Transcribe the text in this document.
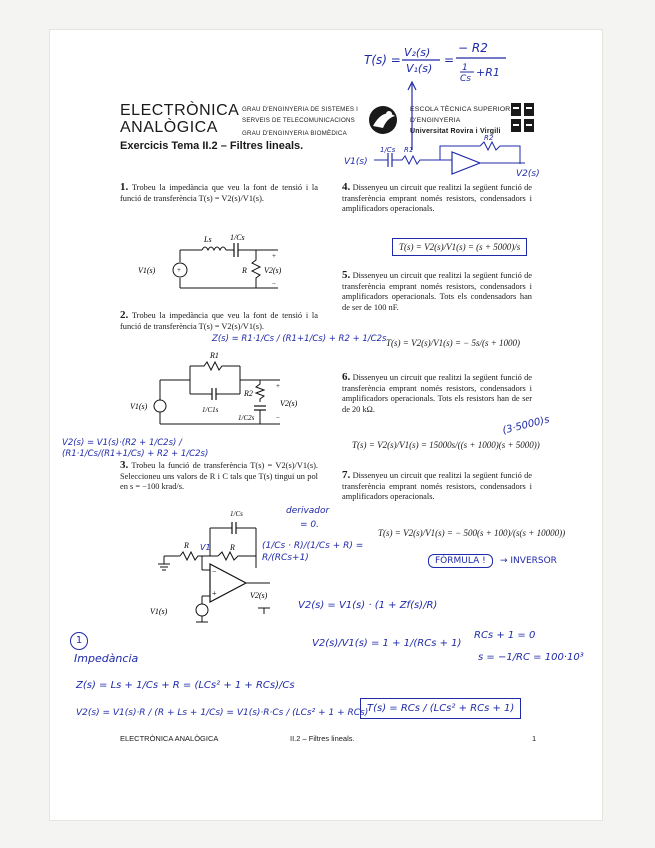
ELECTRÒNICA
ANALÒGICA
GRAU D'ENGINYERIA DE SISTEMES I
SERVEIS DE TELECOMUNICACIONS
GRAU D'ENGINYERIA BIOMÈDICA
ESCOLA TÈCNICA SUPERIOR
D'ENGINYERIA
Universitat Rovira i Virgili
Exercicis Tema II.2 – Filtres lineals.
T(s) =
V₂(s)
V₁(s)
=
− R2
1
Cs +R1
V1(s)
1/Cs R1
R2
V2(s)
1. Trobeu la impedància que veu la font de tensió i la funció de transferència T(s) = V2(s)/V1(s).
+
+
−
Ls 1/Cs
V1(s)	R V2(s)
2. Trobeu la impedància que veu la font de tensió i la funció de transferència T(s) = V2(s)/V1(s).
Z(s) = R1·1/Cs / (R1+1/Cs) + R2 + 1/C2s
+
−
R1
R2
1/C1s
1/C2s
V1(s)	V2(s)
V2(s) = V1(s)·(R2 + 1/C2s) / (R1·1/Cs/(R1+1/Cs) + R2 + 1/C2s)
3. Trobeu la funció de transferència T(s) = V2(s)/V1(s). Seleccioneu uns valors de R i C tals que T(s) tingui un pol en s = −100 krad/s.
derivador
= 0.
−
+
1/Cs
R	R
V1(s)
V2(s)
V1	(1/Cs · R)/(1/Cs + R) = R/(RCs+1)
4. Dissenyeu un circuit que realitzi la següent funció de transferència emprant només resistors, condensadors i amplificadors operacionals.
T(s) = V2(s)/V1(s) = (s + 5000)/s
5. Dissenyeu un circuit que realitzi la següent funció de transferència emprant només resistors, condensadors i amplificadors operacionals. Tots els condensadors han de ser de 100 nF.
T(s) = V2(s)/V1(s) = − 5s/(s + 1000)
6. Dissenyeu un circuit que realitzi la següent funció de transferència emprant només resistors, condensadors i amplificadors operacionals. Tots els resistors han de ser de 20 kΩ.
T(s) = V2(s)/V1(s) = 15000s/((s + 1000)(s + 5000))
(3·5000)s
7. Dissenyeu un circuit que realitzi la següent funció de transferència emprant només resistors, condensadors i amplificadors operacionals.
T(s) = V2(s)/V1(s) = − 500(s + 100)/(s(s + 10000))
FÓRMULA !	→ INVERSOR
V2(s) = V1(s) · (1 + Zf(s)/R)
1
Impedància
V2(s)/V1(s) = 1 + 1/(RCs + 1)
RCs + 1 = 0
s = −1/RC = 100·10³
Z(s) = Ls + 1/Cs + R = (LCs² + 1 + RCs)/Cs
V2(s) = V1(s)·R / (R + Ls + 1/Cs) = V1(s)·R·Cs / (LCs² + 1 + RCs)
T(s) = RCs / (LCs² + RCs + 1)
ELECTRÒNICA ANALÒGICA	II.2 – Filtres lineals.	1
